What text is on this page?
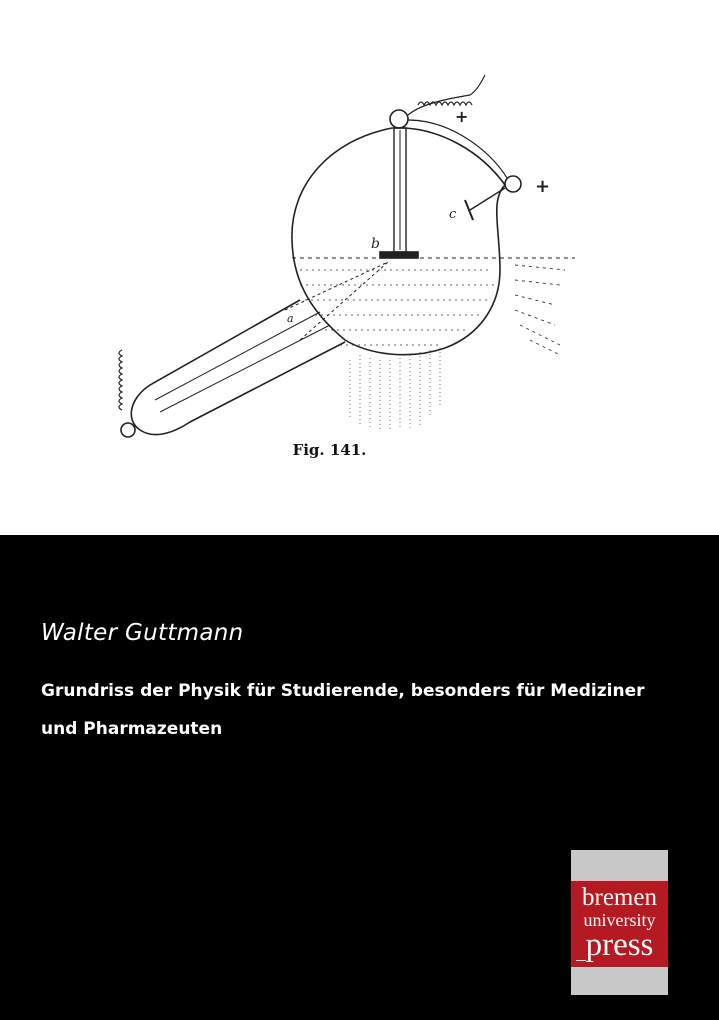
b
c
a
+
+
Fig. 141.
Walter Guttmann
Grundriss der Physik für Studierende, besonders für Mediziner
und Pharmazeuten
bremen
university
press
